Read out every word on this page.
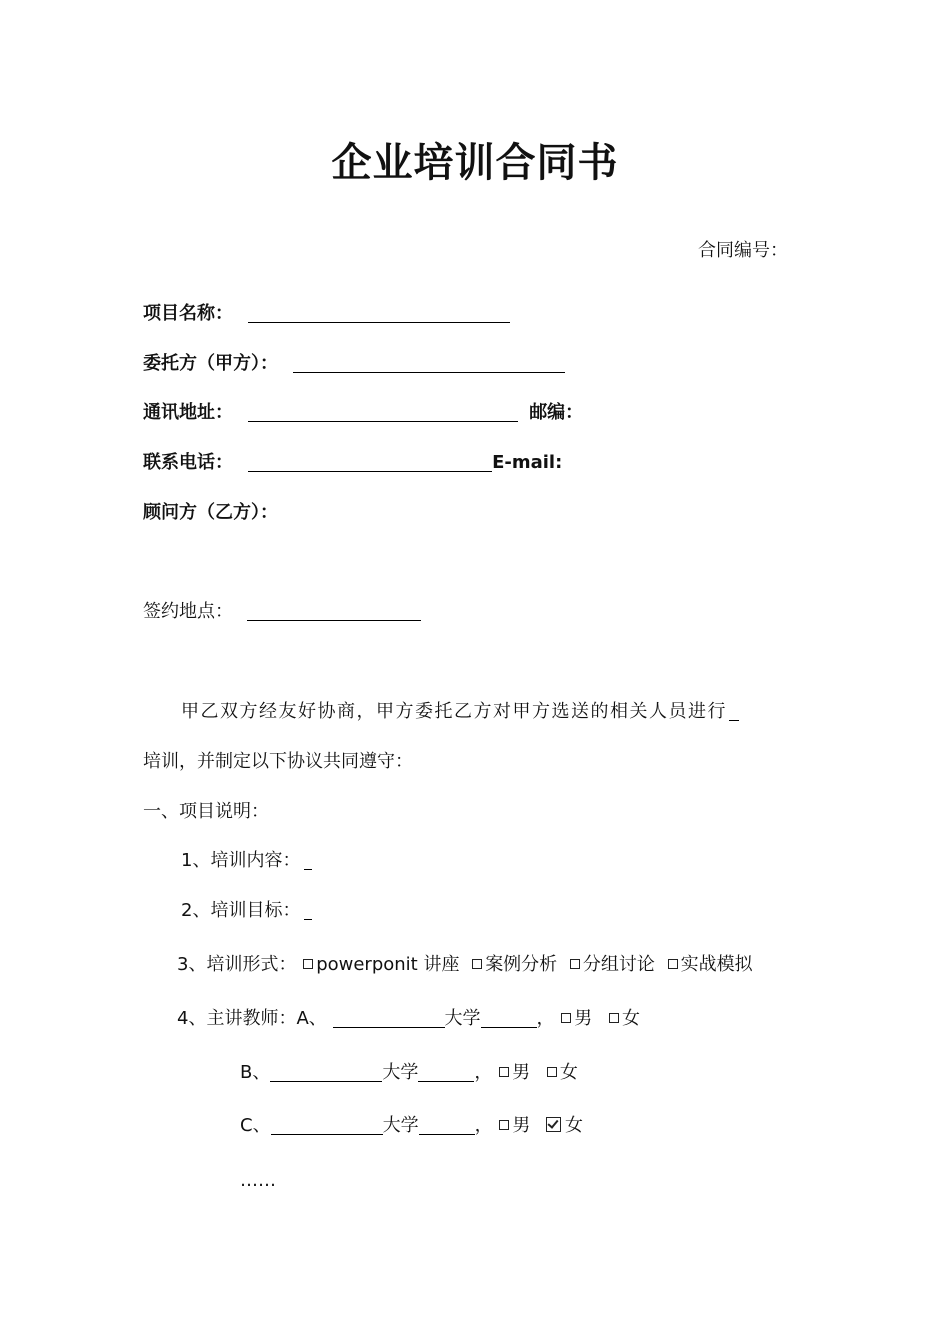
企业培训合同书
合同编号：
项目名称：
委托方（甲方）：
通讯地址：	邮编：
联系电话：	E-mail:
顾问方（乙方）：
签约地点：
甲乙双方经友好协商，甲方委托乙方对甲方选送的相关人员进行
培训，并制定以下协议共同遵守：
一、项目说明：
1、培训内容：
2、培训目标：
3、培训形式： powerponit 讲座 案例分析 分组讨论 实战模拟
4、主讲教师：A、	大学	， 男 女
B、	大学	， 男 女
C、	大学	， 男 女
……
